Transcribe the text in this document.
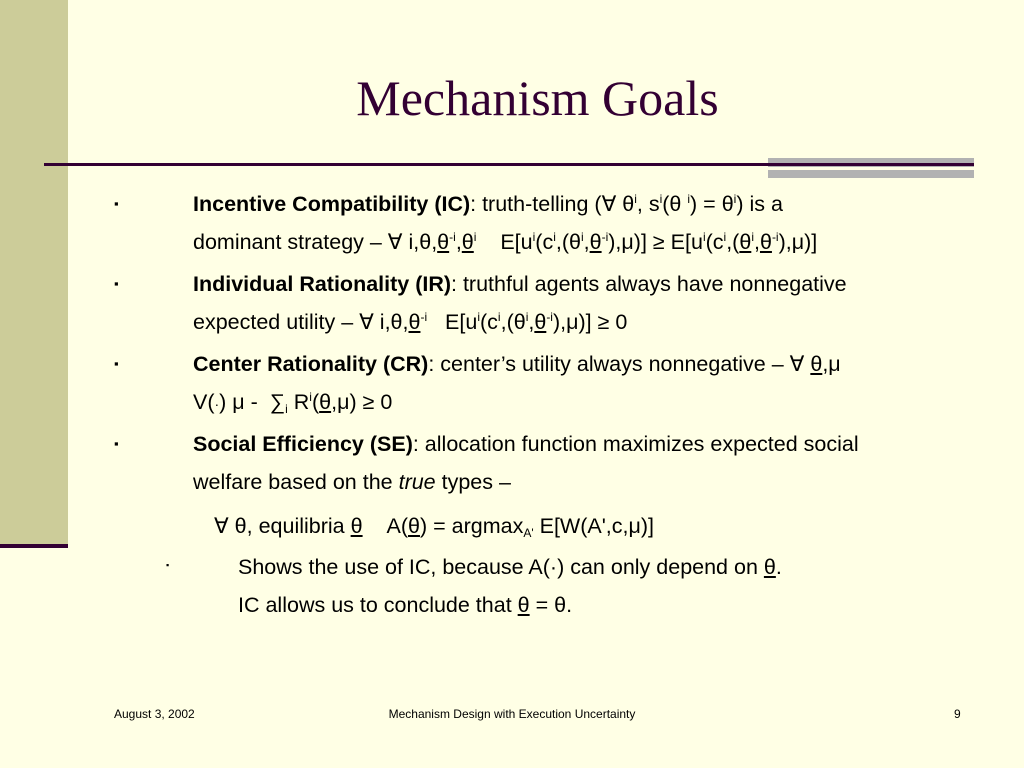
Mechanism Goals
▪	Incentive Compatibility (IC): truth-telling (∀ $\theta^i$, $s^i(\theta$ $^i) = \theta^i$) is a
dominant strategy – ∀ $i,\theta,\theta^{-i},\theta^i$    $E[u^i(c^i,(\theta^i,\theta^{-i}),\mu)] \ge E[u^i(c^i,(\theta^i,\theta^{-i}),\mu)]$
▪	Individual Rationality (IR): truthful agents always have nonnegative
expected utility – ∀ $i,\theta,\theta^{-i}$   $E[u^i(c^i,(\theta^i,\theta^{-i}),\mu)] \ge 0$
▪	Center Rationality (CR): center’s utility always nonnegative – ∀ θ,μ
V(·) μ -  $\sum_i$ $R^i(\theta,\mu) \ge 0$
▪	Social Efficiency (SE): allocation function maximizes expected social
welfare based on the true types –
∀ θ, equilibria θ    A(θ) = argmax$_{A'}$ E[W(A',c,μ)]
▪	Shows the use of IC, because A(·) can only depend on θ.
IC allows us to conclude that θ = θ.
August 3, 2002	Mechanism Design with Execution Uncertainty	9
